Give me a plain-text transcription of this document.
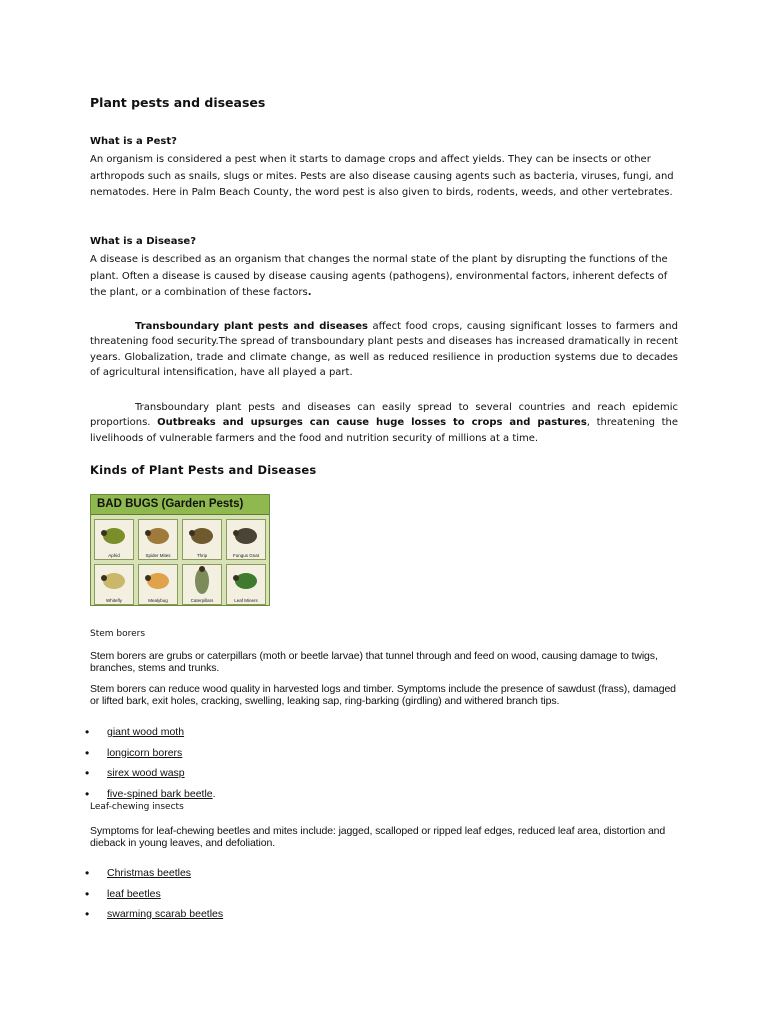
Plant pests and diseases
What is a Pest?

An organism is considered a pest when it starts to damage crops and affect yields. They can be insects or other arthropods such as snails, slugs or mites. Pests are also disease causing agents such as bacteria, viruses, fungi, and nematodes. Here in Palm Beach County, the word pest is also given to birds, rodents, weeds, and other vertebrates.

What is a Disease?

A disease is described as an organism that changes the normal state of the plant by disrupting the functions of the plant. Often a disease is caused by disease causing agents (pathogens), environmental factors, inherent defects of the plant, or a combination of these factors.

Transboundary plant pests and diseases affect food crops, causing significant losses to farmers and threatening food security.The spread of transboundary plant pests and diseases has increased dramatically in recent years. Globalization, trade and climate change, as well as reduced resilience in production systems due to decades of agricultural intensification, have all played a part.

Transboundary plant pests and diseases can easily spread to several countries and reach epidemic proportions. Outbreaks and upsurges can cause huge losses to crops and pastures, threatening the livelihoods of vulnerable farmers and the food and nutrition security of millions at a time.

Kinds of Plant Pests and Diseases
BAD BUGS (Garden Pests)
Aphid	Spider Mites	Thrip	Fungus Gnat
Whitefly	Mealybug	Caterpillars	Leaf Miners
Stem borers

Stem borers are grubs or caterpillars (moth or beetle larvae) that tunnel through and feed on wood, causing damage to twigs, branches, stems and trunks.

Stem borers can reduce wood quality in harvested logs and timber. Symptoms include the presence of sawdust (frass), damaged or lifted bark, exit holes, cracking, swelling, leaking sap, ring-barking (girdling) and withered branch tips.

• giant wood moth
• longicorn borers
• sirex wood wasp
• five-spined bark beetle.
Leaf-chewing insects

Symptoms for leaf-chewing beetles and mites include: jagged, scalloped or ripped leaf edges, reduced leaf area, distortion and dieback in young leaves, and defoliation.

• Christmas beetles
• leaf beetles
• swarming scarab beetles
